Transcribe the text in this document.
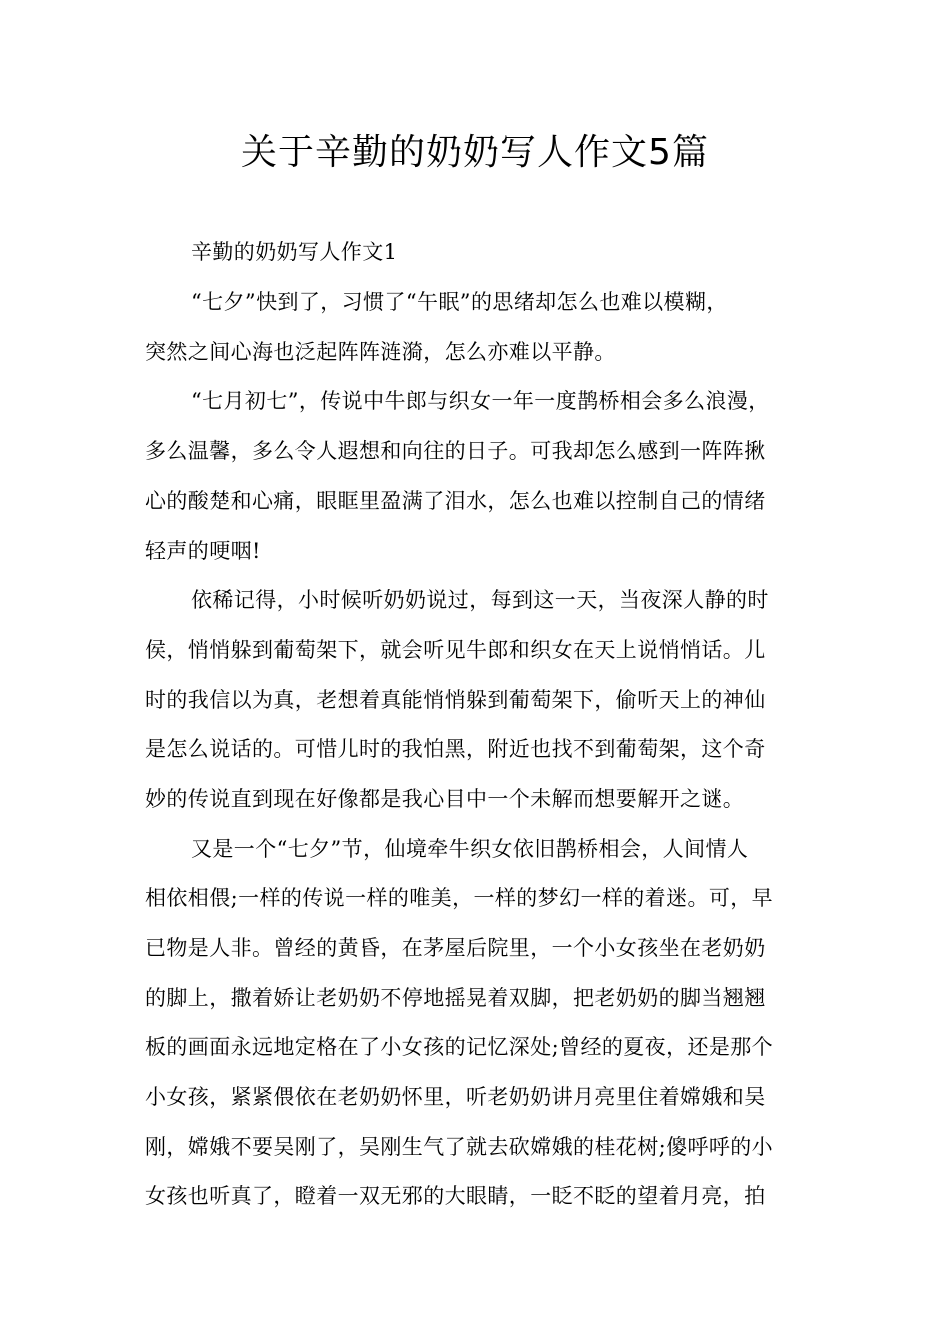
关于辛勤的奶奶写人作文5篇

辛勤的奶奶写人作文1

“七夕”快到了，习惯了“午眠”的思绪却怎么也难以模糊，

突然之间心海也泛起阵阵涟漪，怎么亦难以平静。

“七月初七”，传说中牛郎与织女一年一度鹊桥相会多么浪漫，

多么温馨，多么令人遐想和向往的日子。可我却怎么感到一阵阵揪

心的酸楚和心痛，眼眶里盈满了泪水，怎么也难以控制自己的情绪

轻声的哽咽!

依稀记得，小时候听奶奶说过，每到这一天，当夜深人静的时

侯，悄悄躲到葡萄架下，就会听见牛郎和织女在天上说悄悄话。儿

时的我信以为真，老想着真能悄悄躲到葡萄架下，偷听天上的神仙

是怎么说话的。可惜儿时的我怕黑，附近也找不到葡萄架，这个奇

妙的传说直到现在好像都是我心目中一个未解而想要解开之谜。

又是一个“七夕”节，仙境牵牛织女依旧鹊桥相会，人间情人

相依相偎;一样的传说一样的唯美，一样的梦幻一样的着迷。可，早

已物是人非。曾经的黄昏，在茅屋后院里，一个小女孩坐在老奶奶

的脚上，撒着娇让老奶奶不停地摇晃着双脚，把老奶奶的脚当翘翘

板的画面永远地定格在了小女孩的记忆深处;曾经的夏夜，还是那个

小女孩，紧紧偎依在老奶奶怀里，听老奶奶讲月亮里住着嫦娥和吴

刚，嫦娥不要吴刚了，吴刚生气了就去砍嫦娥的桂花树;傻呼呼的小

女孩也听真了，瞪着一双无邪的大眼睛，一眨不眨的望着月亮，拍
